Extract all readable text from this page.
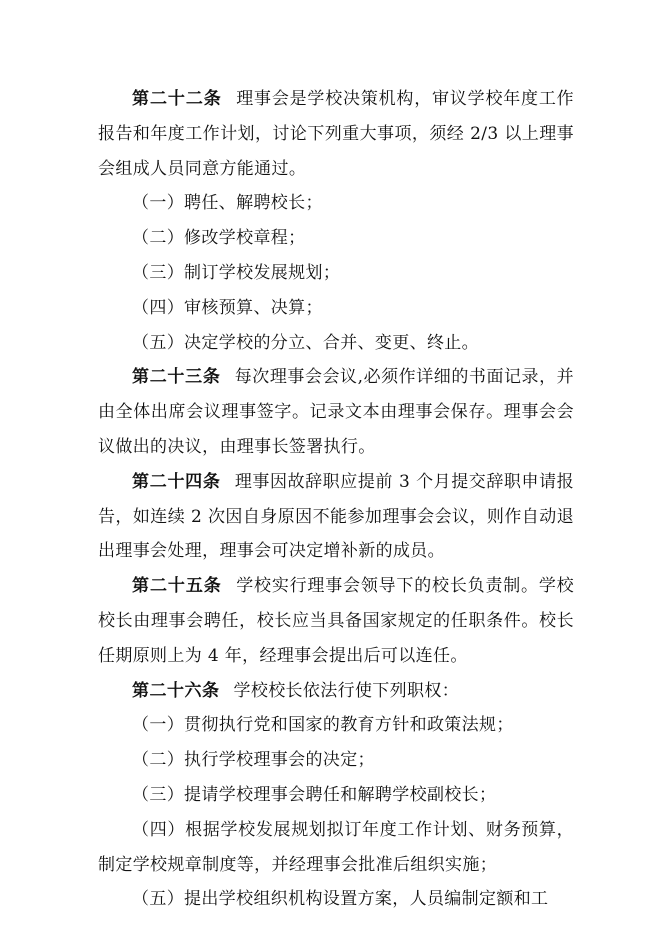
第二十二条 理事会是学校决策机构，审议学校年度工作报告和年度工作计划，讨论下列重大事项，须经 2/3 以上理事会组成人员同意方能通过。

（一）聘任、解聘校长；

（二）修改学校章程；

（三）制订学校发展规划；

（四）审核预算、决算；

（五）决定学校的分立、合并、变更、终止。

第二十三条 每次理事会会议,必须作详细的书面记录，并由全体出席会议理事签字。记录文本由理事会保存。理事会会议做出的决议，由理事长签署执行。

第二十四条 理事因故辞职应提前 3 个月提交辞职申请报告，如连续 2 次因自身原因不能参加理事会会议，则作自动退出理事会处理，理事会可决定增补新的成员。

第二十五条 学校实行理事会领导下的校长负责制。学校校长由理事会聘任，校长应当具备国家规定的任职条件。校长任期原则上为 4 年，经理事会提出后可以连任。

第二十六条 学校校长依法行使下列职权：

（一）贯彻执行党和国家的教育方针和政策法规；

（二）执行学校理事会的决定；

（三）提请学校理事会聘任和解聘学校副校长；

（四）根据学校发展规划拟订年度工作计划、财务预算，制定学校规章制度等，并经理事会批准后组织实施；

（五）提出学校组织机构设置方案，人员编制定额和工
